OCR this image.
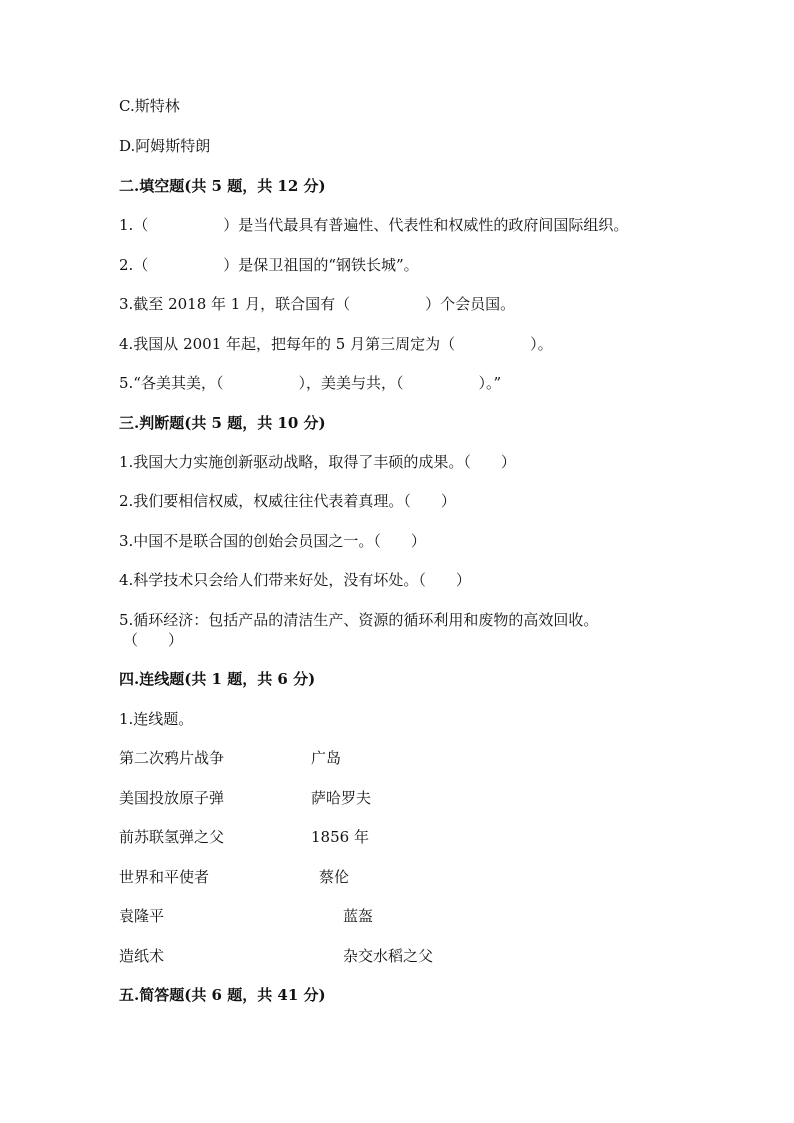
C.斯特林
D.阿姆斯特朗
二.填空题(共 5 题，共 12 分)
1.（　　　　　）是当代最具有普遍性、代表性和权威性的政府间国际组织。
2.（　　　　　）是保卫祖国的“钢铁长城”。
3.截至 2018 年 1 月，联合国有（　　　　　）个会员国。
4.我国从 2001 年起，把每年的 5 月第三周定为（　　　　　）。
5.“各美其美，（　　　　　），美美与共，（　　　　　）。”
三.判断题(共 5 题，共 10 分)
1.我国大力实施创新驱动战略，取得了丰硕的成果。（　　）
2.我们要相信权威，权威往往代表着真理。（　　）
3.中国不是联合国的创始会员国之一。（　　）
4.科学技术只会给人们带来好处，没有坏处。（　　）
5.循环经济：包括产品的清洁生产、资源的循环利用和废物的高效回收。
（　　）
四.连线题(共 1 题，共 6 分)
1.连线题。
第二次鸦片战争	广岛
美国投放原子弹	萨哈罗夫
前苏联氢弹之父	1856 年
世界和平使者	蔡伦
袁隆平	蓝盔
造纸术	杂交水稻之父
五.简答题(共 6 题，共 41 分)
